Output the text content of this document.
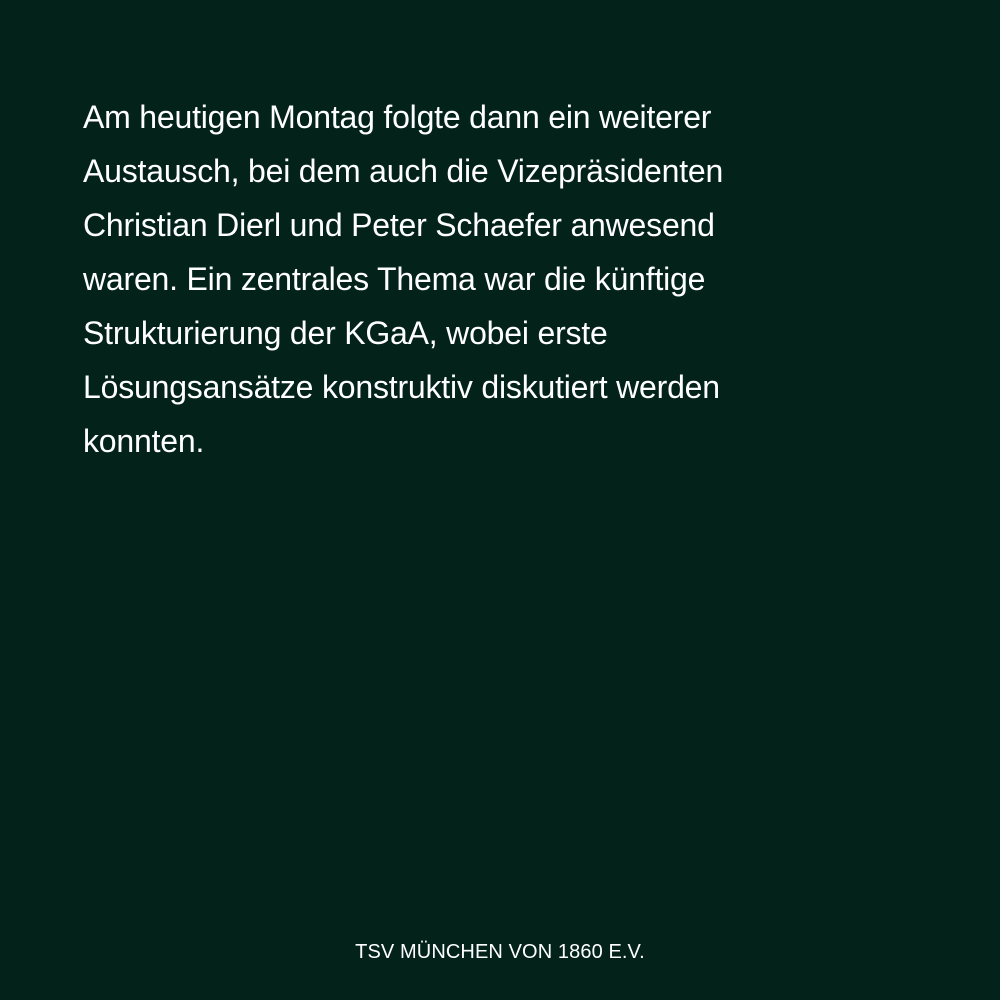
Am heutigen Montag folgte dann ein weiterer
Austausch, bei dem auch die Vizepräsidenten
Christian Dierl und Peter Schaefer anwesend
waren. Ein zentrales Thema war die künftige
Strukturierung der KGaA, wobei erste
Lösungsansätze konstruktiv diskutiert werden
konnten.

TSV MÜNCHEN VON 1860 E.V.
